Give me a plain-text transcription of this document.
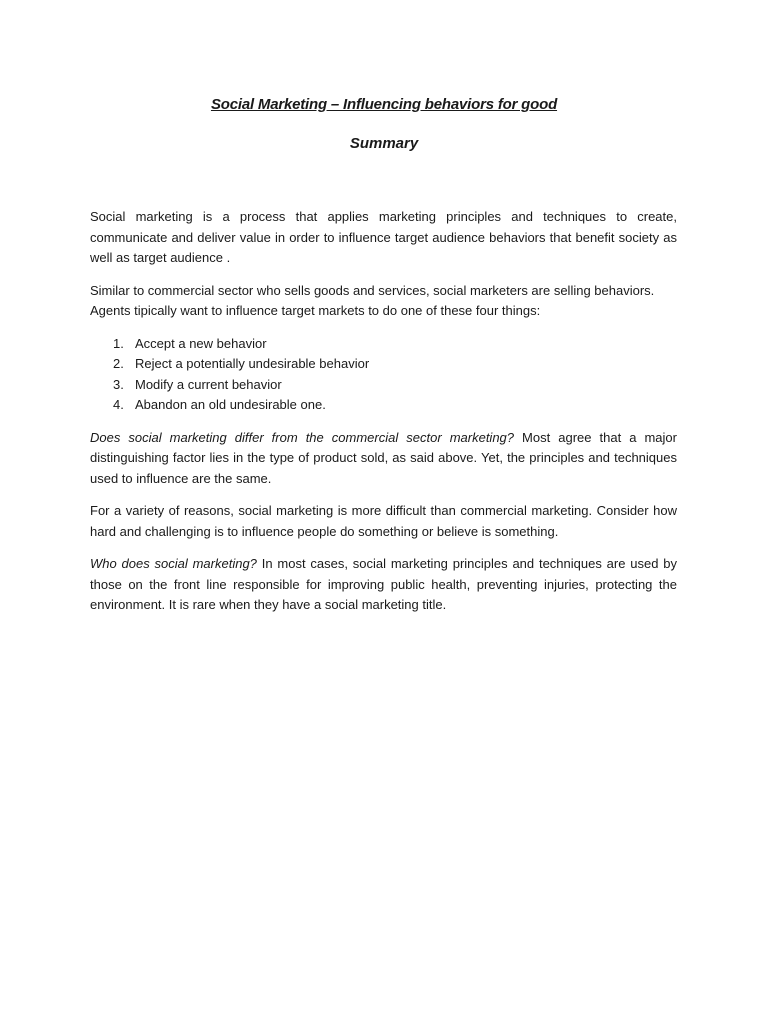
Social Marketing – Influencing behaviors for good
Summary

Social marketing is a process that applies marketing principles and techniques to create, communicate and deliver value in order to influence target audience behaviors that benefit society as well as target audience .

Similar to commercial sector who sells goods and services, social marketers are selling behaviors. Agents tipically want to influence target markets to do one of these four things:

1. Accept a new behavior
2. Reject a potentially undesirable behavior
3. Modify a current behavior
4. Abandon an old undesirable one.

Does social marketing differ from the commercial sector marketing? Most agree that a major distinguishing factor lies in the type of product sold, as said above. Yet, the principles and techniques used to influence are the same.

For a variety of reasons, social marketing is more difficult than commercial marketing. Consider how hard and challenging is to influence people do something or believe is something.

Who does social marketing? In most cases, social marketing principles and techniques are used by those on the front line responsible for improving public health, preventing injuries, protecting the environment. It is rare when they have a social marketing title.
